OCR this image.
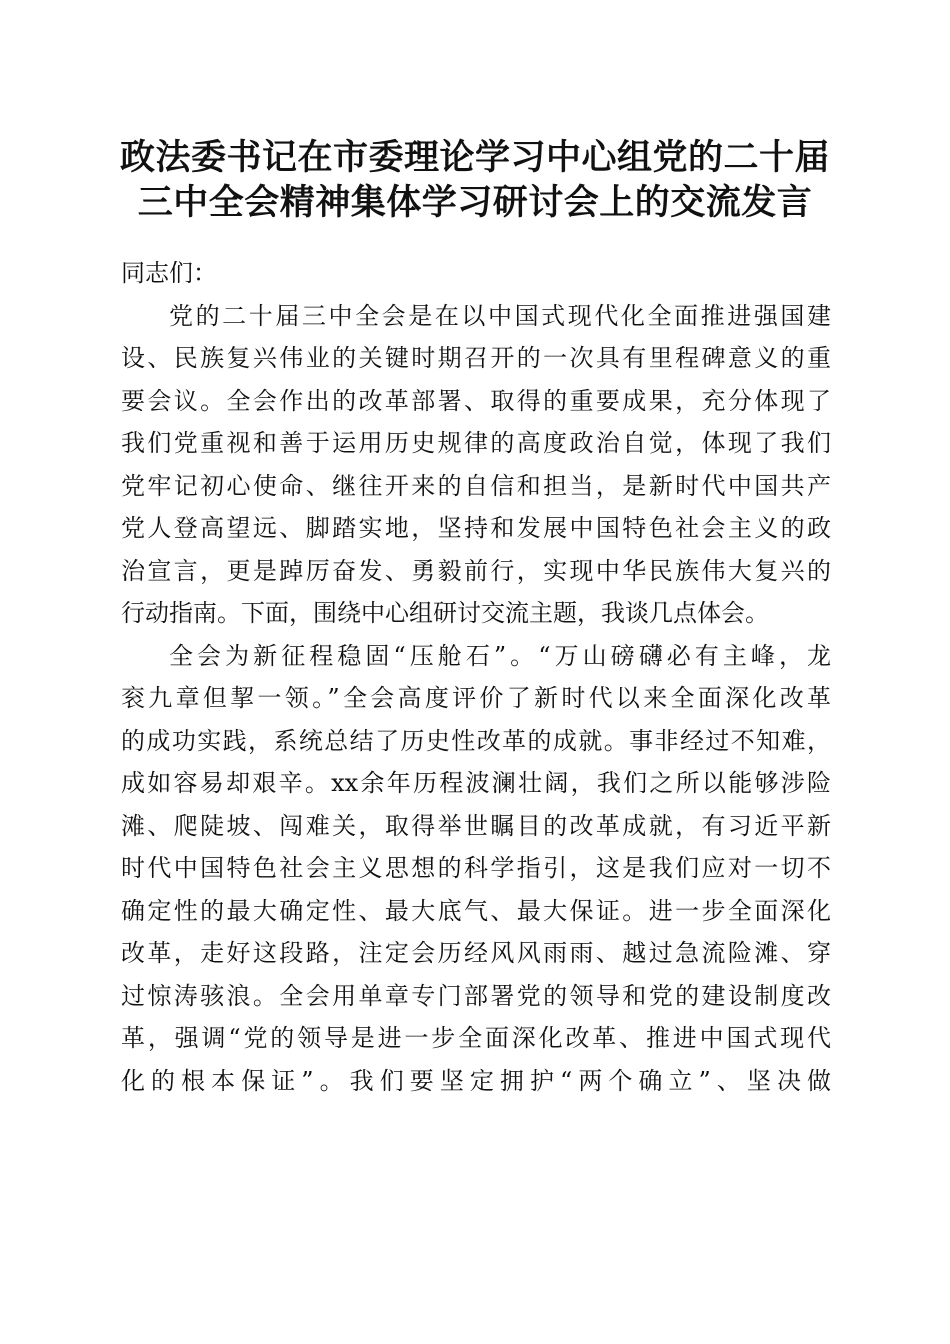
政法委书记在市委理论学习中心组党的二十届
三中全会精神集体学习研讨会上的交流发言
同志们：
党的二十届三中全会是在以中国式现代化全面推进强国建
设、民族复兴伟业的关键时期召开的一次具有里程碑意义的重
要会议。全会作出的改革部署、取得的重要成果，充分体现了
我们党重视和善于运用历史规律的高度政治自觉，体现了我们
党牢记初心使命、继往开来的自信和担当，是新时代中国共产
党人登高望远、脚踏实地，坚持和发展中国特色社会主义的政
治宣言，更是踔厉奋发、勇毅前行，实现中华民族伟大复兴的
行动指南。下面，围绕中心组研讨交流主题，我谈几点体会。
全会为新征程稳固“压舱石”。“万山磅礴必有主峰，龙
衮九章但挈一领。”全会高度评价了新时代以来全面深化改革
的成功实践，系统总结了历史性改革的成就。事非经过不知难，
成如容易却艰辛。xx余年历程波澜壮阔，我们之所以能够涉险
滩、爬陡坡、闯难关，取得举世瞩目的改革成就，有习近平新
时代中国特色社会主义思想的科学指引，这是我们应对一切不
确定性的最大确定性、最大底气、最大保证。进一步全面深化
改革，走好这段路，注定会历经风风雨雨、越过急流险滩、穿
过惊涛骇浪。全会用单章专门部署党的领导和党的建设制度改
革，强调“党的领导是进一步全面深化改革、推进中国式现代
化的根本保证”。我们要坚定拥护“两个确立”、坚决做
